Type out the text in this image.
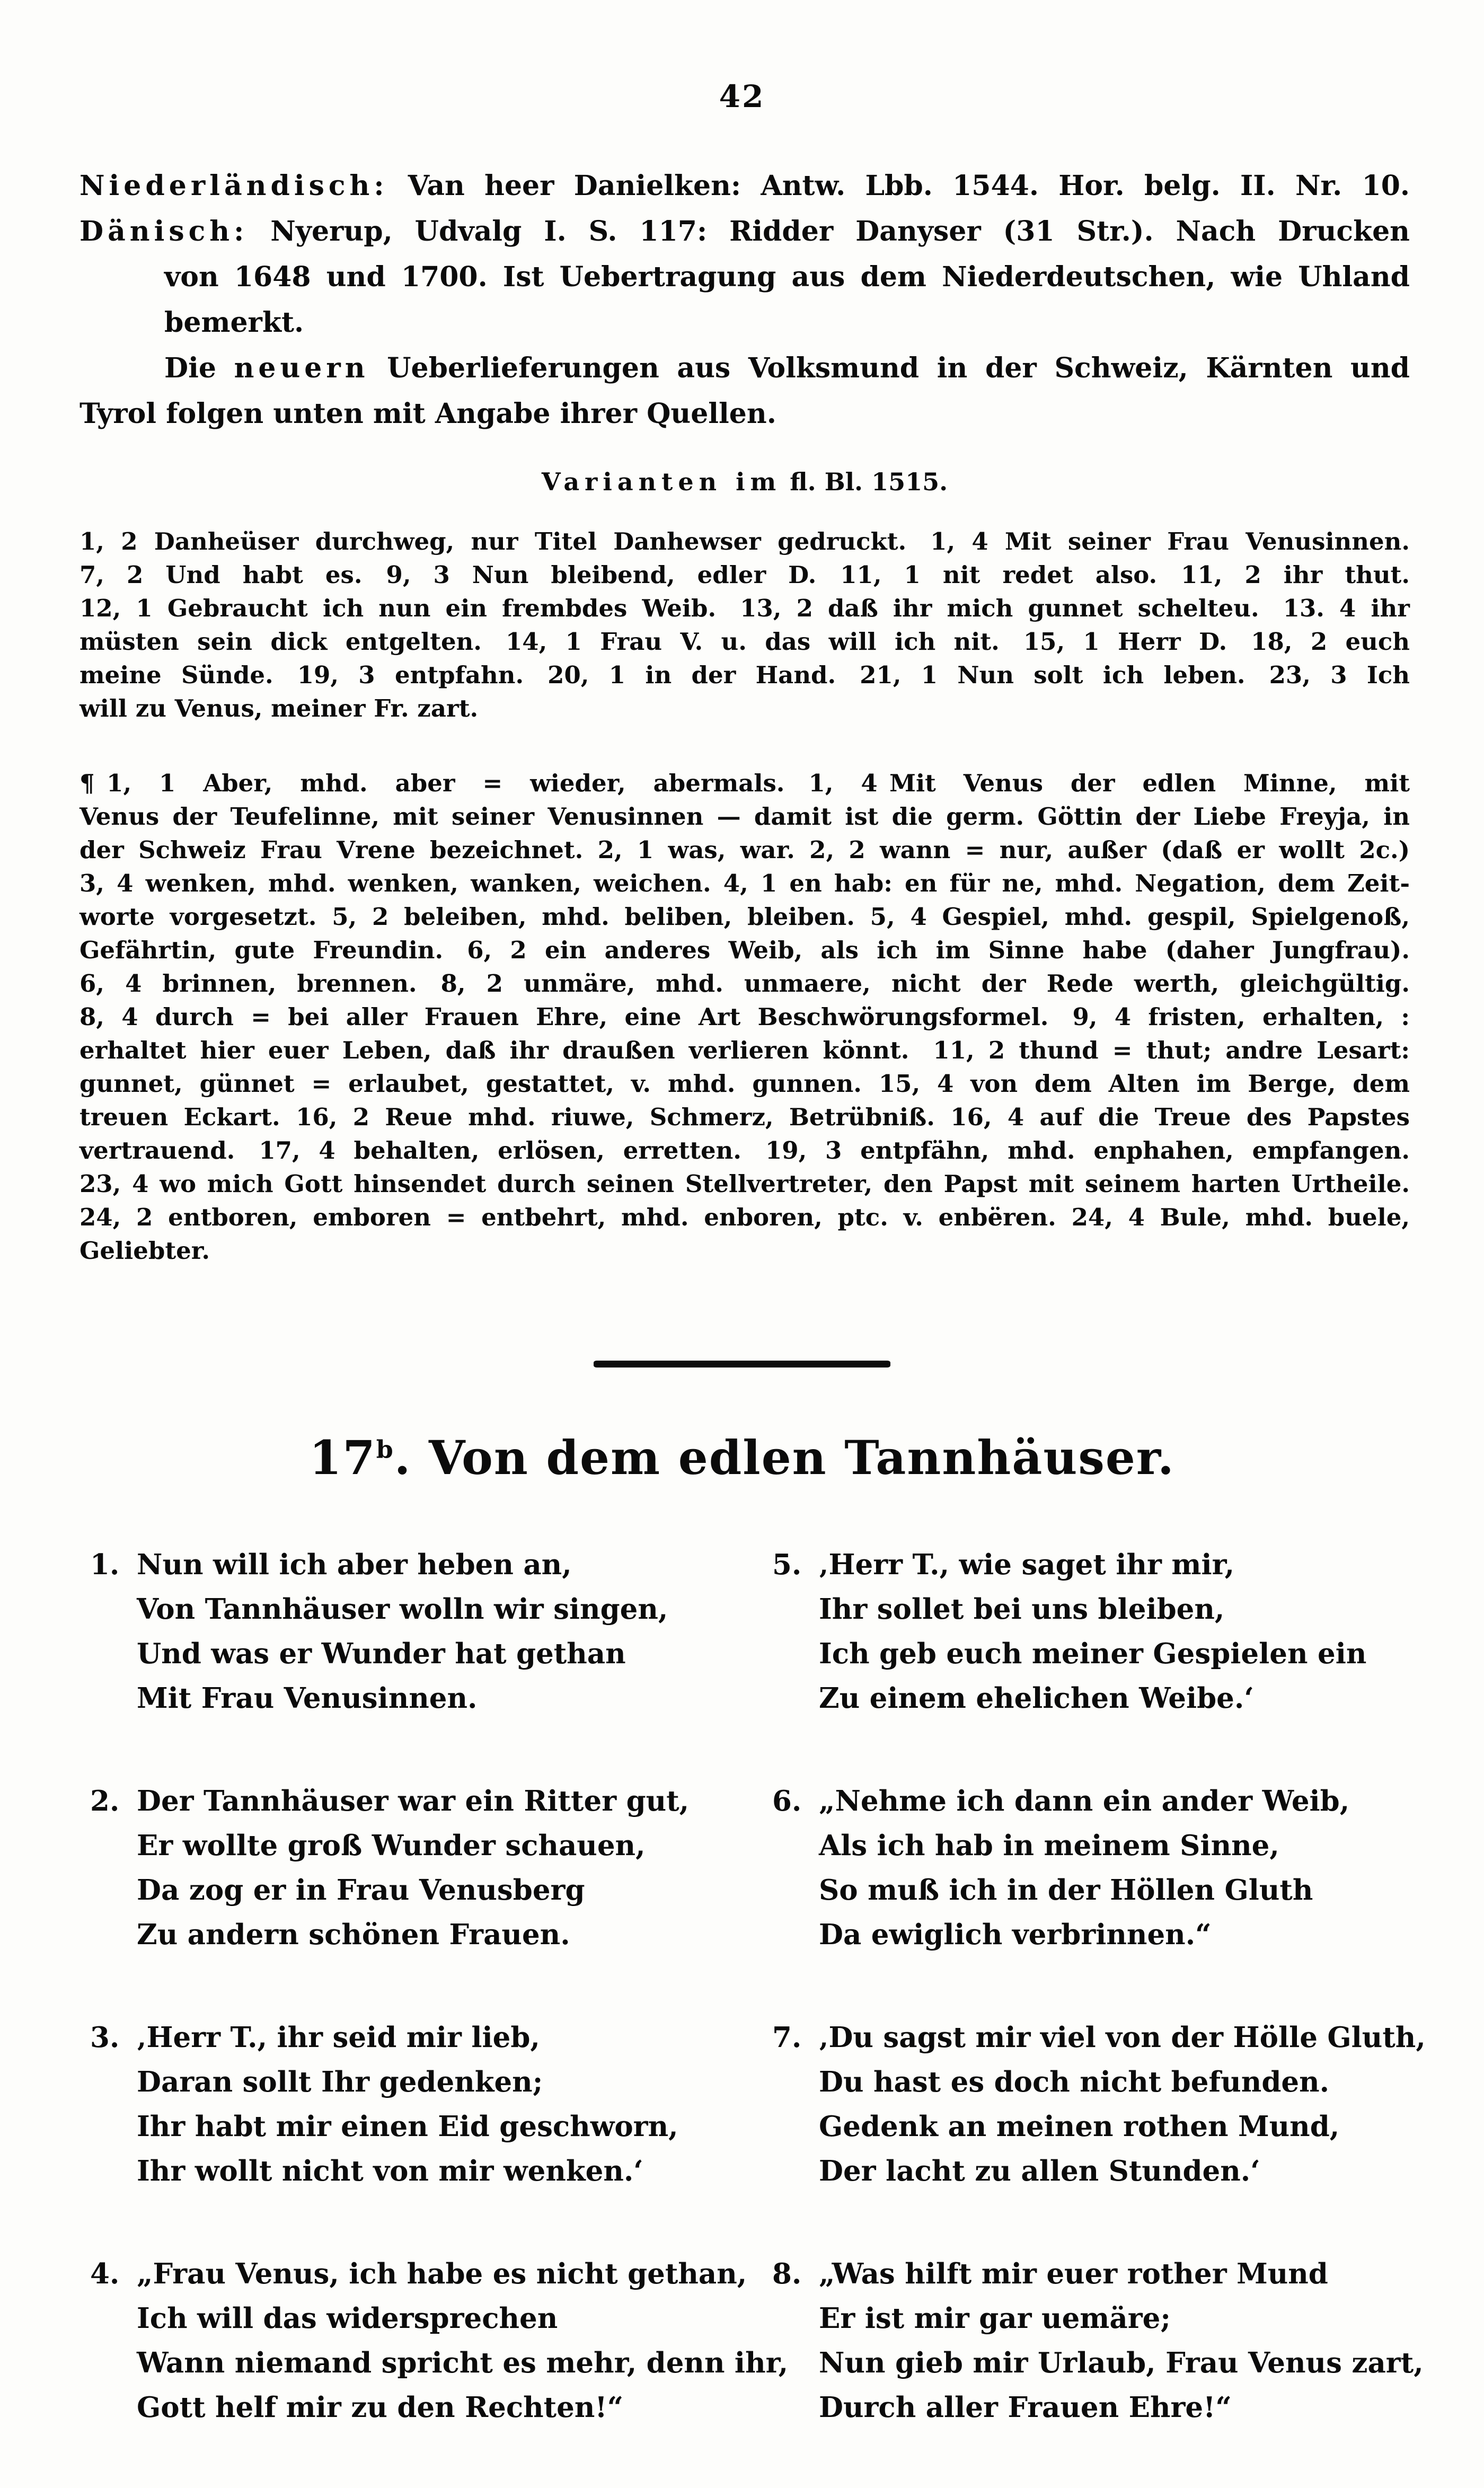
42
Niederländisch: Van heer Danielken: Antw. Lbb. 1544. Hor. belg. II. Nr. 10.
Dänisch: Nyerup, Udvalg I. S. 117: Ridder Danyser (31 Str.). Nach Drucken
von 1648 und 1700. Ist Uebertragung aus dem Niederdeutschen, wie Uhland
bemerkt.
Die neuern Ueberlieferungen aus Volksmund in der Schweiz, Kärnten und
Tyrol folgen unten mit Angabe ihrer Quellen.
Varianten im fl. Bl. 1515.
1, 2 Danheüser durchweg, nur Titel Danhewser gedruckt. 1, 4 Mit seiner Frau Venusinnen.
7, 2 Und habt es. 9, 3 Nun bleibend, edler D. 11, 1 nit redet also. 11, 2 ihr thut.
12, 1 Gebraucht ich nun ein frembdes Weib. 13, 2 daß ihr mich gunnet schelteu. 13. 4 ihr
müsten sein dick entgelten. 14, 1 Frau V. u. das will ich nit. 15, 1 Herr D. 18, 2 euch
meine Sünde. 19, 3 entpfahn. 20, 1 in der Hand. 21, 1 Nun solt ich leben. 23, 3 Ich
will zu Venus, meiner Fr. zart.
¶ 1, 1 Aber, mhd. aber = wieder, abermals. 1, 4 Mit Venus der edlen Minne, mit
Venus der Teufelinne, mit seiner Venusinnen — damit ist die germ. Göttin der Liebe Freyja, in
der Schweiz Frau Vrene bezeichnet. 2, 1 was, war. 2, 2 wann = nur, außer (daß er wollt 2c.)
3, 4 wenken, mhd. wenken, wanken, weichen. 4, 1 en hab: en für ne, mhd. Negation, dem Zeit-
worte vorgesetzt. 5, 2 beleiben, mhd. beliben, bleiben. 5, 4 Gespiel, mhd. gespil, Spielgenoß,
Gefährtin, gute Freundin. 6, 2 ein anderes Weib, als ich im Sinne habe (daher Jungfrau).
6, 4 brinnen, brennen. 8, 2 unmäre, mhd. unmaere, nicht der Rede werth, gleichgültig.
8, 4 durch = bei aller Frauen Ehre, eine Art Beschwörungsformel. 9, 4 fristen, erhalten, :
erhaltet hier euer Leben, daß ihr draußen verlieren könnt. 11, 2 thund = thut; andre Lesart:
gunnet, günnet = erlaubet, gestattet, v. mhd. gunnen. 15, 4 von dem Alten im Berge, dem
treuen Eckart. 16, 2 Reue mhd. riuwe, Schmerz, Betrübniß. 16, 4 auf die Treue des Papstes
vertrauend. 17, 4 behalten, erlösen, erretten. 19, 3 entpfähn, mhd. enphahen, empfangen.
23, 4 wo mich Gott hinsendet durch seinen Stellvertreter, den Papst mit seinem harten Urtheile.
24, 2 entboren, emboren = entbehrt, mhd. enboren, ptc. v. enbëren. 24, 4 Bule, mhd. buele, Geliebter.
17$^b$. Von dem edlen Tannhäuser.
1. Nun will ich aber heben an,
Von Tannhäuser wolln wir singen,
Und was er Wunder hat gethan
Mit Frau Venusinnen.
2. Der Tannhäuser war ein Ritter gut,
Er wollte groß Wunder schauen,
Da zog er in Frau Venusberg
Zu andern schönen Frauen.
3. ‚Herr T., ihr seid mir lieb,
Daran sollt Ihr gedenken;
Ihr habt mir einen Eid geschworn,
Ihr wollt nicht von mir wenken.‘
4. „Frau Venus, ich habe es nicht gethan,
Ich will das widersprechen
Wann niemand spricht es mehr, denn ihr,
Gott helf mir zu den Rechten!“
5. ‚Herr T., wie saget ihr mir,
Ihr sollet bei uns bleiben,
Ich geb euch meiner Gespielen ein
Zu einem ehelichen Weibe.‘
6. „Nehme ich dann ein ander Weib,
Als ich hab in meinem Sinne,
So muß ich in der Höllen Gluth
Da ewiglich verbrinnen.“
7. ‚Du sagst mir viel von der Hölle Gluth,
Du hast es doch nicht befunden.
Gedenk an meinen rothen Mund,
Der lacht zu allen Stunden.‘
8. „Was hilft mir euer rother Mund
Er ist mir gar uemäre;
Nun gieb mir Urlaub, Frau Venus zart,
Durch aller Frauen Ehre!“
